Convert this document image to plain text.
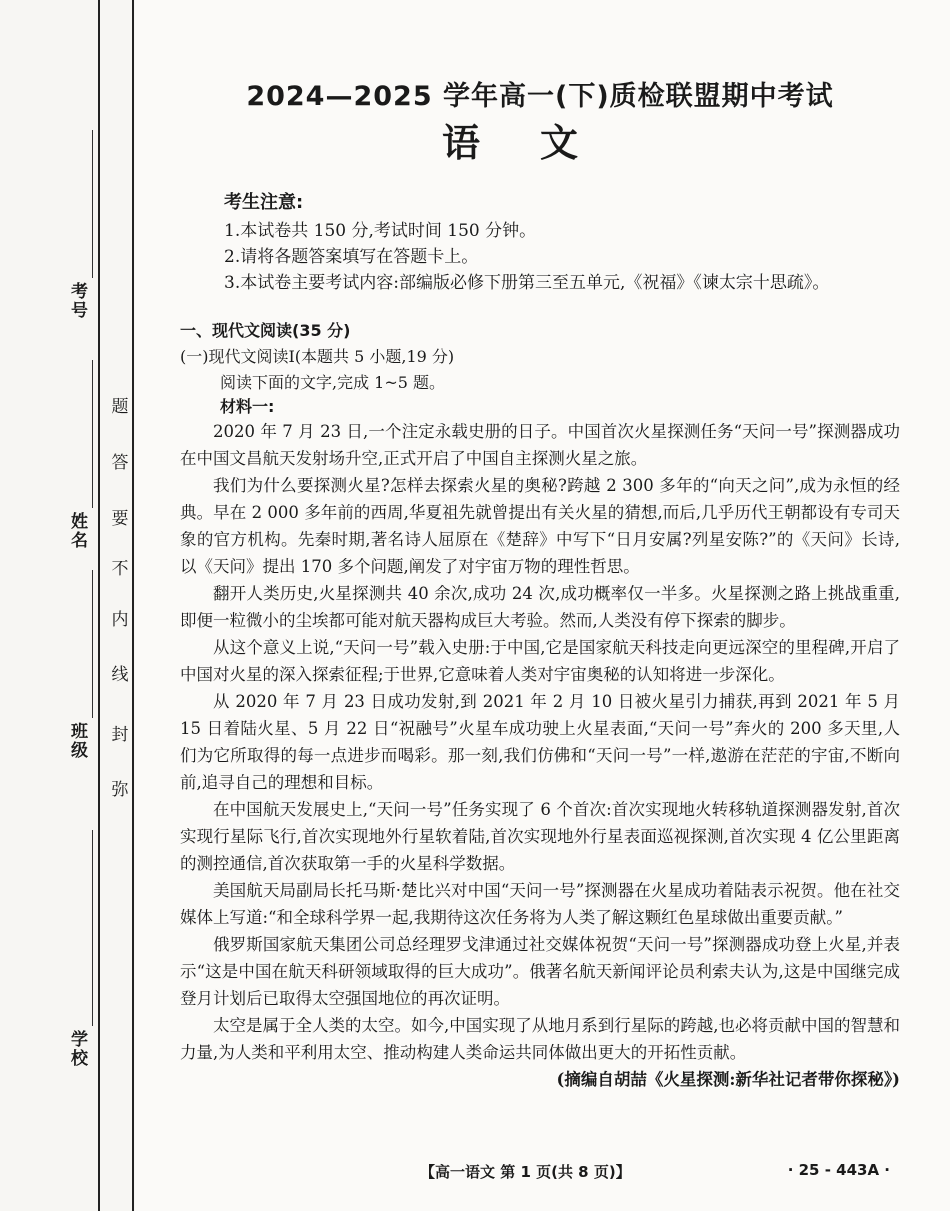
考号
姓名
班级
学校
题
答
要
不
内
线
封
弥
2024—2025 学年高一(下)质检联盟期中考试
语文
考生注意:
1.本试卷共 150 分,考试时间 150 分钟。
2.请将各题答案填写在答题卡上。
3.本试卷主要考试内容:部编版必修下册第三至五单元,《祝福》《谏太宗十思疏》。
一、现代文阅读(35 分)
(一)现代文阅读Ⅰ(本题共 5 小题,19 分)
阅读下面的文字,完成 1~5 题。
材料一:

2020 年 7 月 23 日,一个注定永载史册的日子。中国首次火星探测任务“天问一号”探测器成功在中国文昌航天发射场升空,正式开启了中国自主探测火星之旅。

我们为什么要探测火星?怎样去探索火星的奥秘?跨越 2 300 多年的“向天之问”,成为永恒的经典。早在 2 000 多年前的西周,华夏祖先就曾提出有关火星的猜想,而后,几乎历代王朝都设有专司天象的官方机构。先秦时期,著名诗人屈原在《楚辞》中写下“日月安属?列星安陈?”的《天问》长诗,以《天问》提出 170 多个问题,阐发了对宇宙万物的理性哲思。

翻开人类历史,火星探测共 40 余次,成功 24 次,成功概率仅一半多。火星探测之路上挑战重重,即便一粒微小的尘埃都可能对航天器构成巨大考验。然而,人类没有停下探索的脚步。

从这个意义上说,“天问一号”载入史册:于中国,它是国家航天科技走向更远深空的里程碑,开启了中国对火星的深入探索征程;于世界,它意味着人类对宇宙奥秘的认知将进一步深化。

从 2020 年 7 月 23 日成功发射,到 2021 年 2 月 10 日被火星引力捕获,再到 2021 年 5 月 15 日着陆火星、5 月 22 日“祝融号”火星车成功驶上火星表面,“天问一号”奔火的 200 多天里,人们为它所取得的每一点进步而喝彩。那一刻,我们仿佛和“天问一号”一样,遨游在茫茫的宇宙,不断向前,追寻自己的理想和目标。

在中国航天发展史上,“天问一号”任务实现了 6 个首次:首次实现地火转移轨道探测器发射,首次实现行星际飞行,首次实现地外行星软着陆,首次实现地外行星表面巡视探测,首次实现 4 亿公里距离的测控通信,首次获取第一手的火星科学数据。

美国航天局副局长托马斯·楚比兴对中国“天问一号”探测器在火星成功着陆表示祝贺。他在社交媒体上写道:“和全球科学界一起,我期待这次任务将为人类了解这颗红色星球做出重要贡献。”

俄罗斯国家航天集团公司总经理罗戈津通过社交媒体祝贺“天问一号”探测器成功登上火星,并表示“这是中国在航天科研领域取得的巨大成功”。俄著名航天新闻评论员利索夫认为,这是中国继完成登月计划后已取得太空强国地位的再次证明。

太空是属于全人类的太空。如今,中国实现了从地月系到行星际的跨越,也必将贡献中国的智慧和力量,为人类和平利用太空、推动构建人类命运共同体做出更大的开拓性贡献。

(摘编自胡喆《火星探测:新华社记者带你探秘》)

【高一语文 第 1 页(共 8 页)】	· 25 - 443A ·
